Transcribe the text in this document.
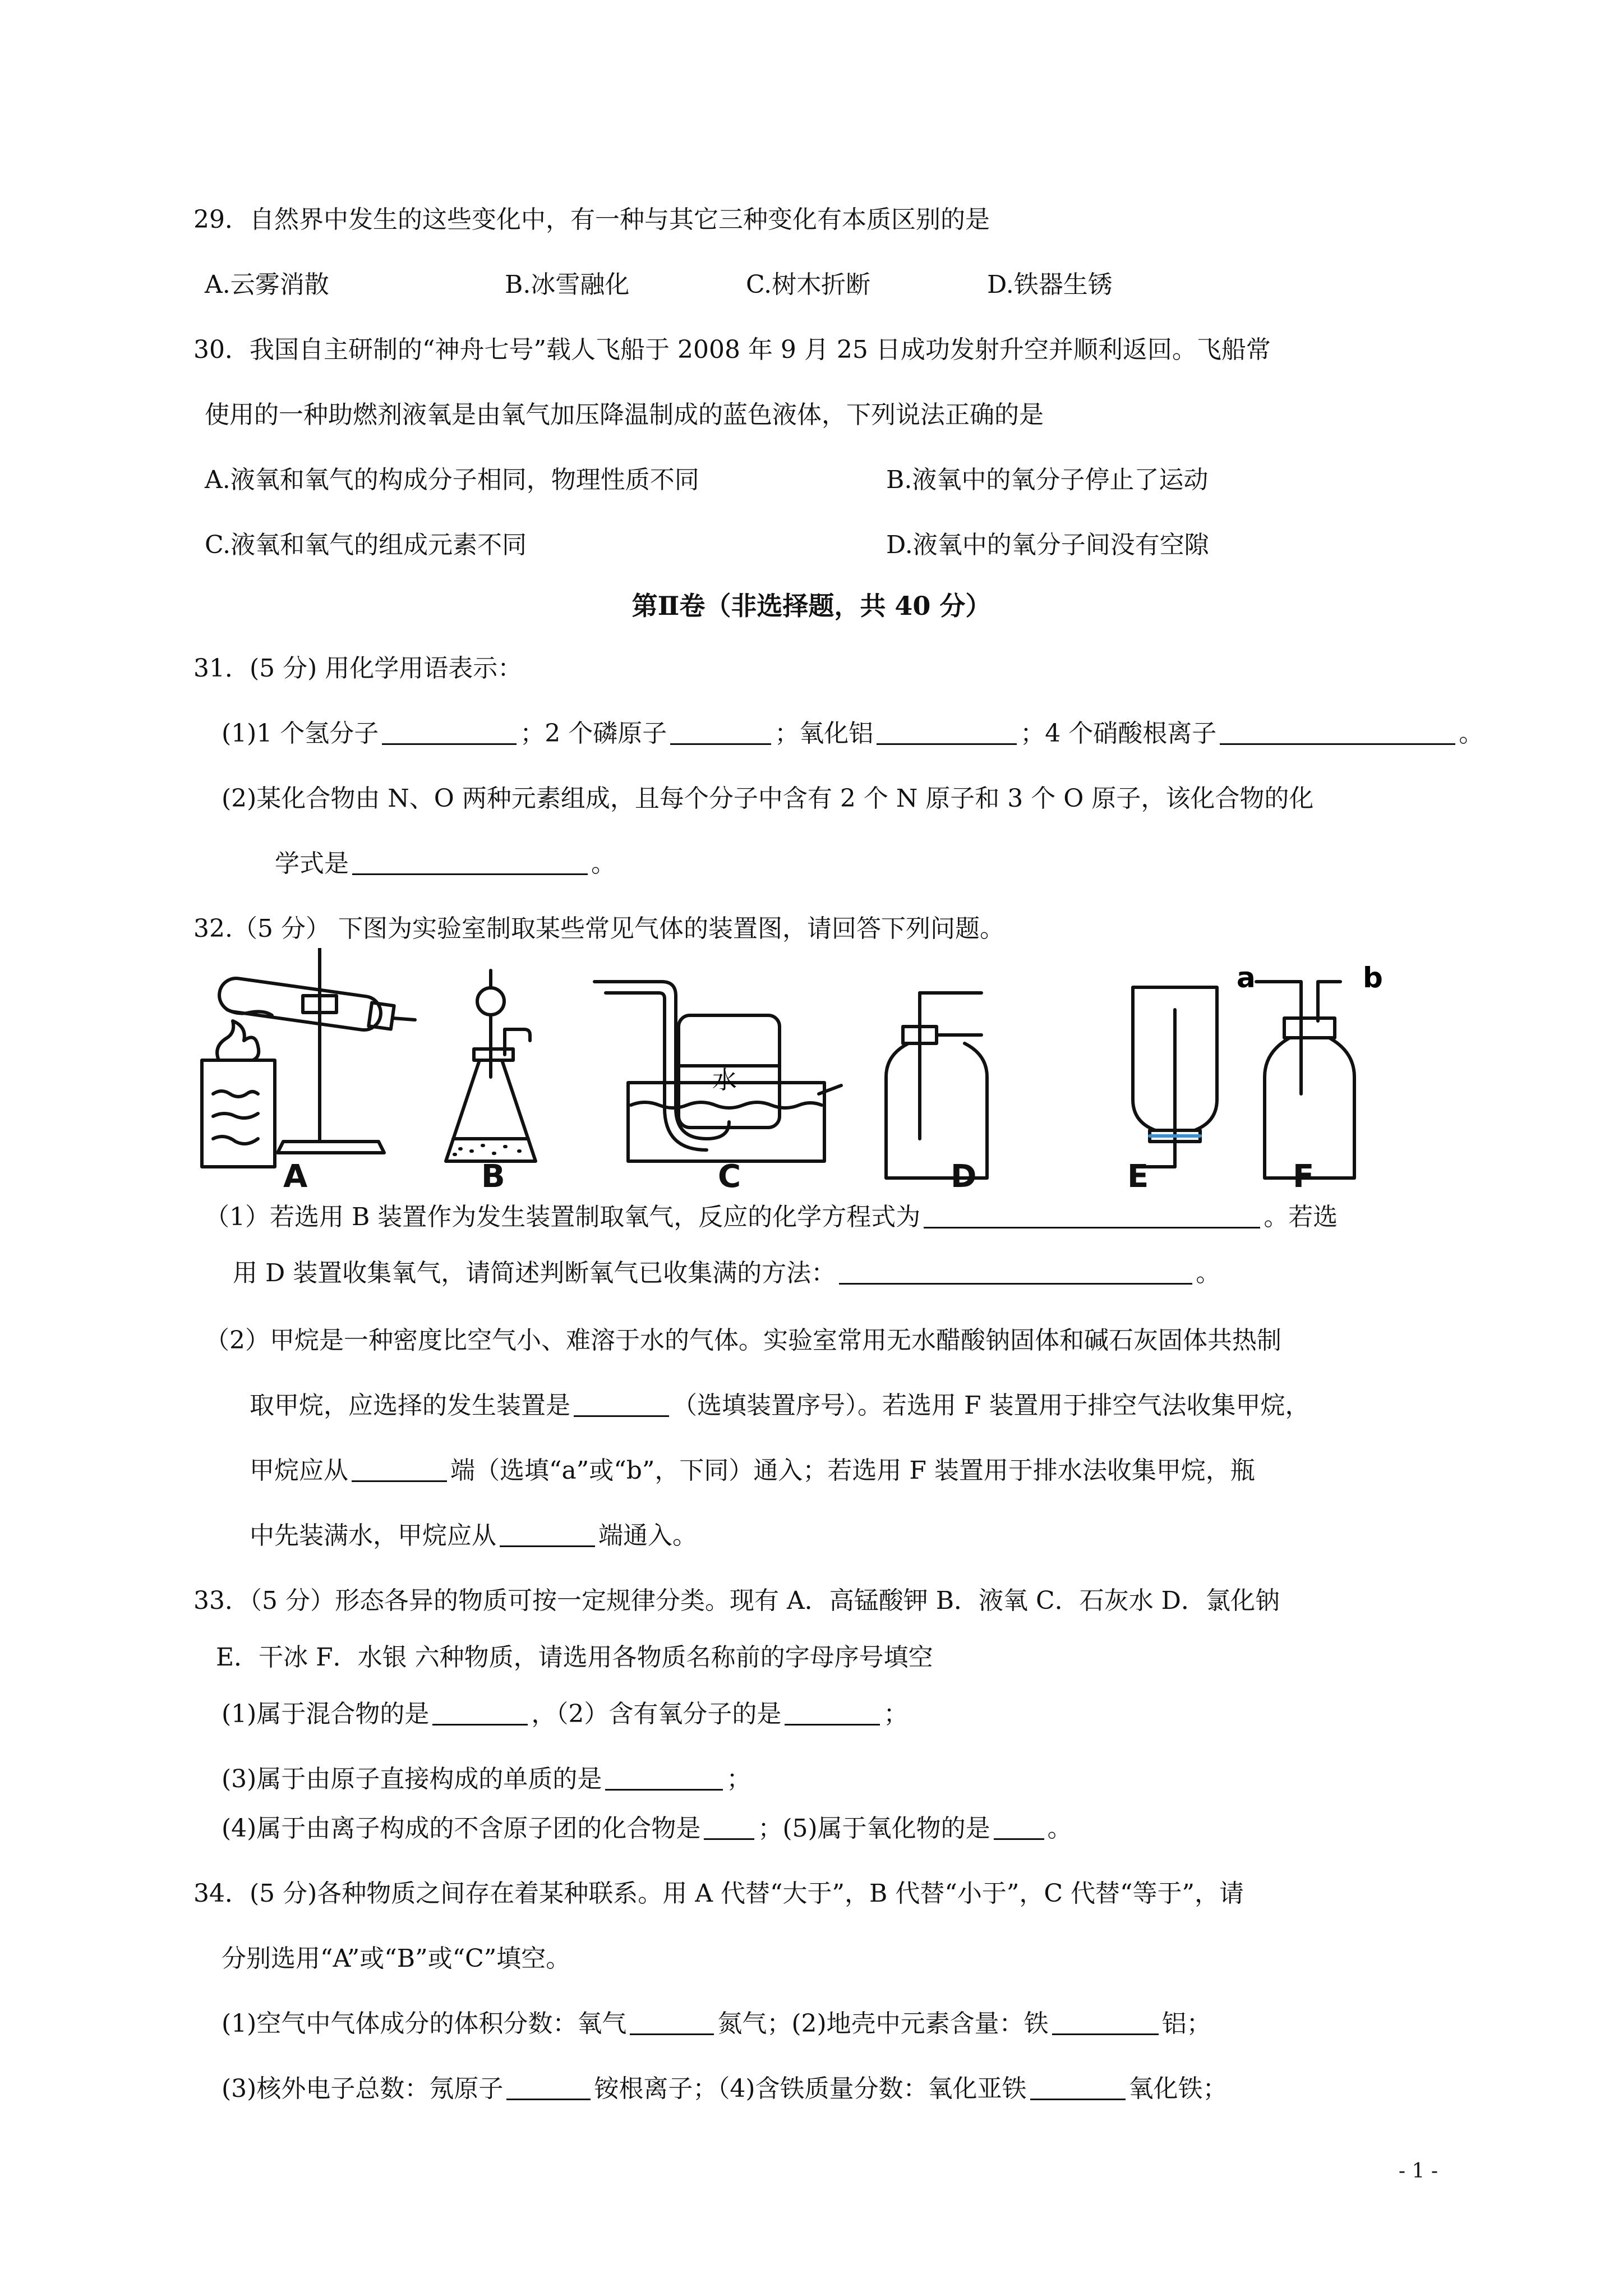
29．自然界中发生的这些变化中，有一种与其它三种变化有本质区别的是
A.云雾消散	B.冰雪融化	C.树木折断	D.铁器生锈
30．我国自主研制的“神舟七号”载人飞船于 2008 年 9 月 25 日成功发射升空并顺利返回。飞船常
使用的一种助燃剂液氧是由氧气加压降温制成的蓝色液体，下列说法正确的是
A.液氧和氧气的构成分子相同，物理性质不同	B.液氧中的氧分子停止了运动
C.液氧和氧气的组成元素不同	D.液氧中的氧分子间没有空隙
第Ⅱ卷（非选择题，共 40 分）
31．(5 分) 用化学用语表示：
(1)1 个氢分子	；2 个磷原子	；氧化铝	；4 个硝酸根离子	。
(2)某化合物由 N、O 两种元素组成，且每个分子中含有 2 个 N 原子和 3 个 O 原子，该化合物的化
学式是	。
32.（5 分） 下图为实验室制取某些常见气体的装置图，请回答下列问题。
水
a	b
A	B	C	D	E	F
（1）若选用 B 装置作为发生装置制取氧气，反应的化学方程式为	。若选
用 D 装置收集氧气，请简述判断氧气已收集满的方法：	。
（2）甲烷是一种密度比空气小、难溶于水的气体。实验室常用无水醋酸钠固体和碱石灰固体共热制
取甲烷，应选择的发生装置是	（选填装置序号）。若选用 F 装置用于排空气法收集甲烷，
甲烷应从	端（选填“a”或“b”，下同）通入；若选用 F 装置用于排水法收集甲烷，瓶
中先装满水，甲烷应从	端通入。
33．（5 分）形态各异的物质可按一定规律分类。现有 A．高锰酸钾 B．液氧 C．石灰水 D．氯化钠
E．干冰 F．水银 六种物质，请选用各物质名称前的字母序号填空
(1)属于混合物的是	，（2）含有氧分子的是	；
(3)属于由原子直接构成的单质的是	；
(4)属于由离子构成的不含原子团的化合物是 ；(5)属于氧化物的是 。
34．(5 分)各种物质之间存在着某种联系。用 A 代替“大于”，B 代替“小于”，C 代替“等于”，请
分别选用“A”或“B”或“C”填空。
(1)空气中气体成分的体积分数：氧气	氮气；(2)地壳中元素含量：铁	铝；
(3)核外电子总数：氖原子	铵根离子；（4)含铁质量分数：氧化亚铁	氧化铁；
- 1 -
